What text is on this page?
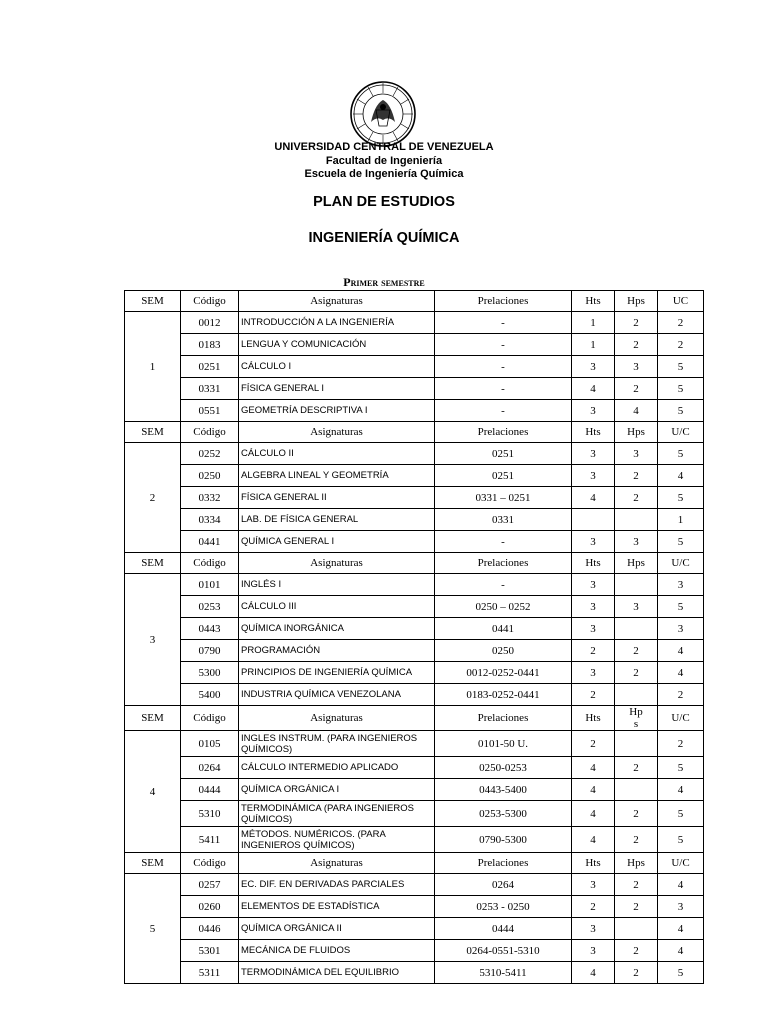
UNIVERSIDAD CENTRAL DE VENEZUELA
Facultad de Ingeniería
Escuela de Ingeniería Química
PLAN DE ESTUDIOS
INGENIERÍA QUÍMICA
Primer semestre
SEM	Código	Asignaturas	Prelaciones	Hts	Hps	UC
1	0012	INTRODUCCIÓN A LA INGENIERÍA	-	1	2	2
	0183	LENGUA Y COMUNICACIÓN	-	1	2	2
	0251	CÁLCULO I	-	3	3	5
	0331	FÍSICA GENERAL I	-	4	2	5
	0551	GEOMETRÍA DESCRIPTIVA I	-	3	4	5
SEM	Código	Asignaturas	Prelaciones	Hts	Hps	U/C
2	0252	CÁLCULO II	0251	3	3	5
	0250	ALGEBRA LINEAL Y GEOMETRÍA	0251	3	2	4
	0332	FÍSICA GENERAL II	0331 – 0251	4	2	5
	0334	LAB. DE FÍSICA GENERAL	0331			1
	0441	QUÍMICA GENERAL I	-	3	3	5
SEM	Código	Asignaturas	Prelaciones	Hts	Hps	U/C
3	0101	INGLÉS I	-	3		3
	0253	CÁLCULO III	0250 – 0252	3	3	5
	0443	QUÍMICA INORGÁNICA	0441	3		3
	0790	PROGRAMACIÓN	0250	2	2	4
	5300	PRINCIPIOS DE INGENIERÍA QUÍMICA	0012-0252-0441	3	2	4
	5400	INDUSTRIA QUÍMICA VENEZOLANA	0183-0252-0441	2		2
SEM	Código	Asignaturas	Prelaciones	Hts	Hp s	U/C
4	0105	INGLES INSTRUM. (PARA INGENIEROS QUÍMICOS)	0101-50 U.	2		2
	0264	CÁLCULO INTERMEDIO APLICADO	0250-0253	4	2	5
	0444	QUÍMICA ORGÁNICA I	0443-5400	4		4
	5310	TERMODINÁMICA (PARA INGENIEROS QUÍMICOS)	0253-5300	4	2	5
	5411	MÉTODOS. NUMÉRICOS. (PARA INGENIEROS QUÍMICOS)	0790-5300	4	2	5
SEM	Código	Asignaturas	Prelaciones	Hts	Hps	U/C
5	0257	EC. DIF. EN DERIVADAS PARCIALES	0264	3	2	4
	0260	ELEMENTOS DE ESTADÍSTICA	0253 - 0250	2	2	3
	0446	QUÍMICA ORGÁNICA II	0444	3		4
	5301	MECÁNICA DE FLUIDOS	0264-0551-5310	3	2	4
	5311	TERMODINÁMICA DEL EQUILIBRIO	5310-5411	4	2	5
